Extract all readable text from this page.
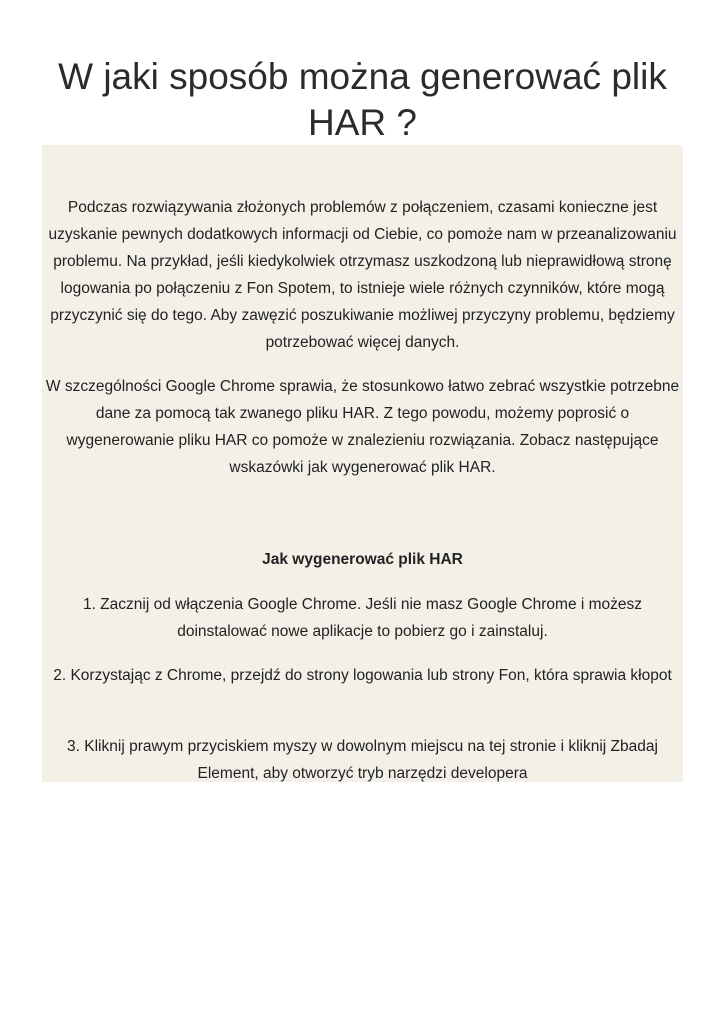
W jaki sposób można generować plik HAR ?

Podczas rozwiązywania złożonych problemów z połączeniem, czasami konieczne jest uzyskanie pewnych dodatkowych informacji od Ciebie, co pomoże nam w przeanalizowaniu problemu. Na przykład, jeśli kiedykolwiek otrzymasz uszkodzoną lub nieprawidłową stronę logowania po połączeniu z Fon Spotem, to istnieje wiele różnych czynników, które mogą przyczynić się do tego. Aby zawęzić poszukiwanie możliwej przyczyny problemu, będziemy potrzebować więcej danych.

W szczególności Google Chrome sprawia, że stosunkowo łatwo zebrać wszystkie potrzebne dane za pomocą tak zwanego pliku HAR. Z tego powodu, możemy poprosić o wygenerowanie pliku HAR co pomoże w znalezieniu rozwiązania. Zobacz następujące wskazówki jak wygenerować plik HAR.

Jak wygenerować plik HAR

1. Zacznij od włączenia Google Chrome. Jeśli nie masz Google Chrome i możesz doinstalować nowe aplikacje to pobierz go i zainstaluj.

2. Korzystając z Chrome, przejdź do strony logowania lub strony Fon, która sprawia kłopot

3. Kliknij prawym przyciskiem myszy w dowolnym miejscu na tej stronie i kliknij Zbadaj Element, aby otworzyć tryb narzędzi developera
